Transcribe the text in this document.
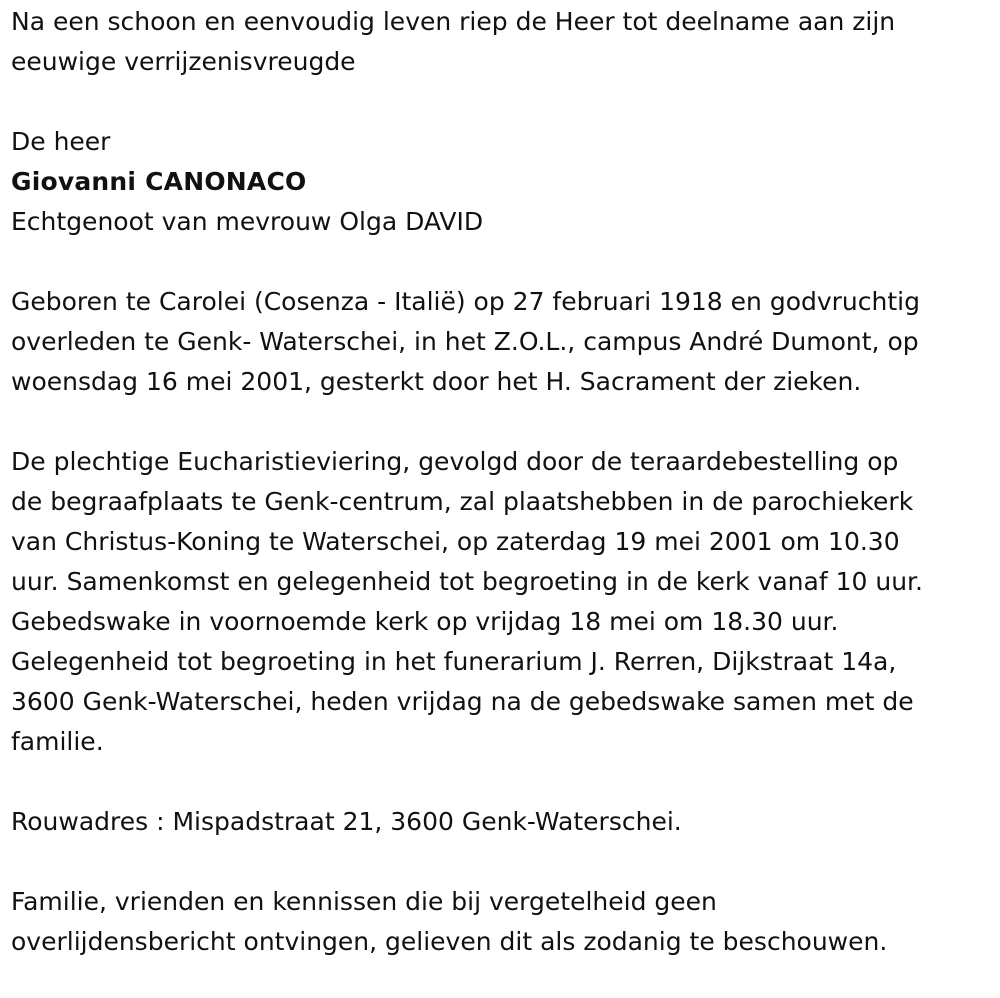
Na een schoon en eenvoudig leven riep de Heer tot deelname aan zijn
eeuwige verrijzenisvreugde
De heer
Giovanni CANONACO
Echtgenoot van mevrouw Olga DAVID
Geboren te Carolei (Cosenza - Italië) op 27 februari 1918 en godvruchtig
overleden te Genk- Waterschei, in het Z.O.L., campus André Dumont, op
woensdag 16 mei 2001, gesterkt door het H. Sacrament der zieken.
De plechtige Eucharistieviering, gevolgd door de teraardebestelling op
de begraafplaats te Genk-centrum, zal plaatshebben in de parochiekerk
van Christus-Koning te Waterschei, op zaterdag 19 mei 2001 om 10.30
uur. Samenkomst en gelegenheid tot begroeting in de kerk vanaf 10 uur.
Gebedswake in voornoemde kerk op vrijdag 18 mei om 18.30 uur.
Gelegenheid tot begroeting in het funerarium J. Rerren, Dijkstraat 14a,
3600 Genk-Waterschei, heden vrijdag na de gebedswake samen met de
familie.
Rouwadres : Mispadstraat 21, 3600 Genk-Waterschei.
Familie, vrienden en kennissen die bij vergetelheid geen
overlijdensbericht ontvingen, gelieven dit als zodanig te beschouwen.
